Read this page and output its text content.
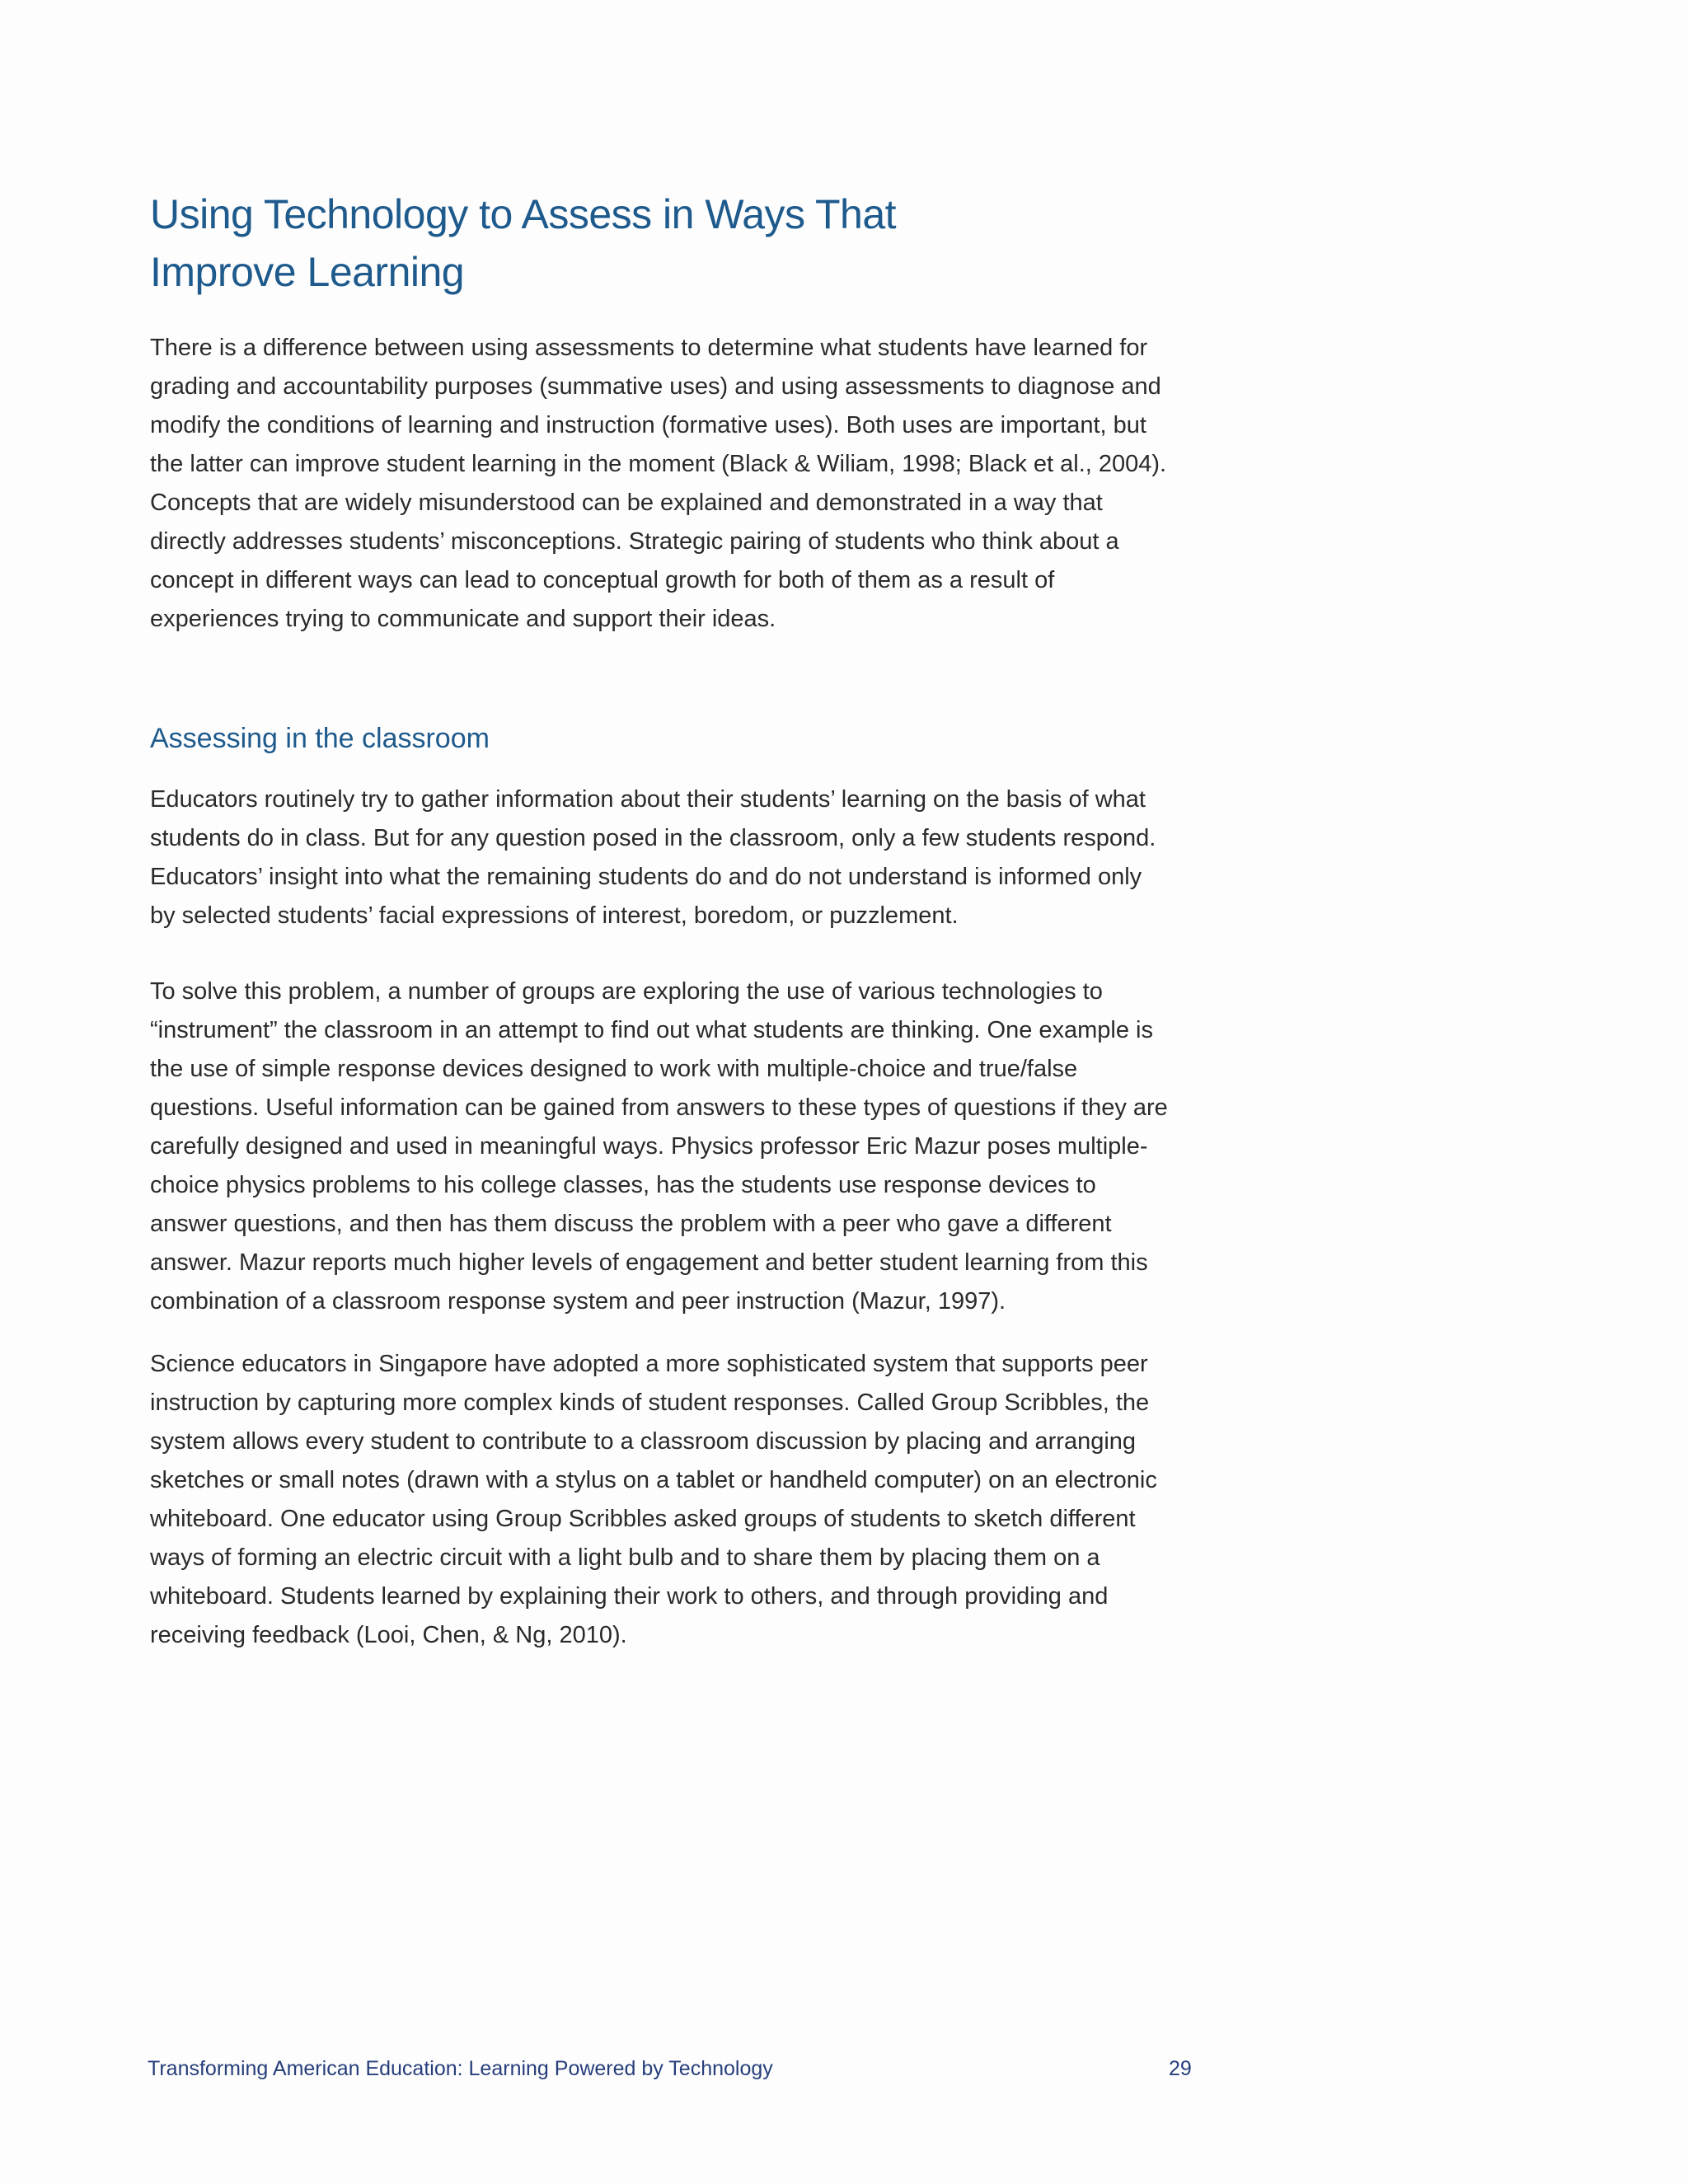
Using Technology to Assess in Ways That
Improve Learning

There is a difference between using assessments to determine what students have learned for grading and accountability purposes (summative uses) and using assessments to diagnose and modify the conditions of learning and instruction (formative uses). Both uses are important, but the latter can improve student learning in the moment (Black & Wiliam, 1998; Black et al., 2004). Concepts that are widely misunderstood can be explained and demonstrated in a way that directly addresses students’ misconceptions. Strategic pairing of students who think about a concept in different ways can lead to conceptual growth for both of them as a result of experiences trying to communicate and support their ideas.

Assessing in the classroom

Educators routinely try to gather information about their students’ learning on the basis of what students do in class. But for any question posed in the classroom, only a few students respond. Educators’ insight into what the remaining students do and do not understand is informed only by selected students’ facial expressions of interest, boredom, or puzzlement.

To solve this problem, a number of groups are exploring the use of various technologies to “instrument” the classroom in an attempt to find out what students are thinking. One example is the use of simple response devices designed to work with multiple-choice and true/false questions. Useful information can be gained from answers to these types of questions if they are carefully designed and used in meaningful ways. Physics professor Eric Mazur poses multiple-choice physics problems to his college classes, has the students use response devices to answer questions, and then has them discuss the problem with a peer who gave a different answer. Mazur reports much higher levels of engagement and better student learning from this combination of a classroom response system and peer instruction (Mazur, 1997).

Science educators in Singapore have adopted a more sophisticated system that supports peer instruction by capturing more complex kinds of student responses. Called Group Scribbles, the system allows every student to contribute to a classroom discussion by placing and arranging sketches or small notes (drawn with a stylus on a tablet or handheld computer) on an electronic whiteboard. One educator using Group Scribbles asked groups of students to sketch different ways of forming an electric circuit with a light bulb and to share them by placing them on a whiteboard. Students learned by explaining their work to others, and through providing and receiving feedback (Looi, Chen, & Ng, 2010).

Transforming American Education: Learning Powered by Technology	29
